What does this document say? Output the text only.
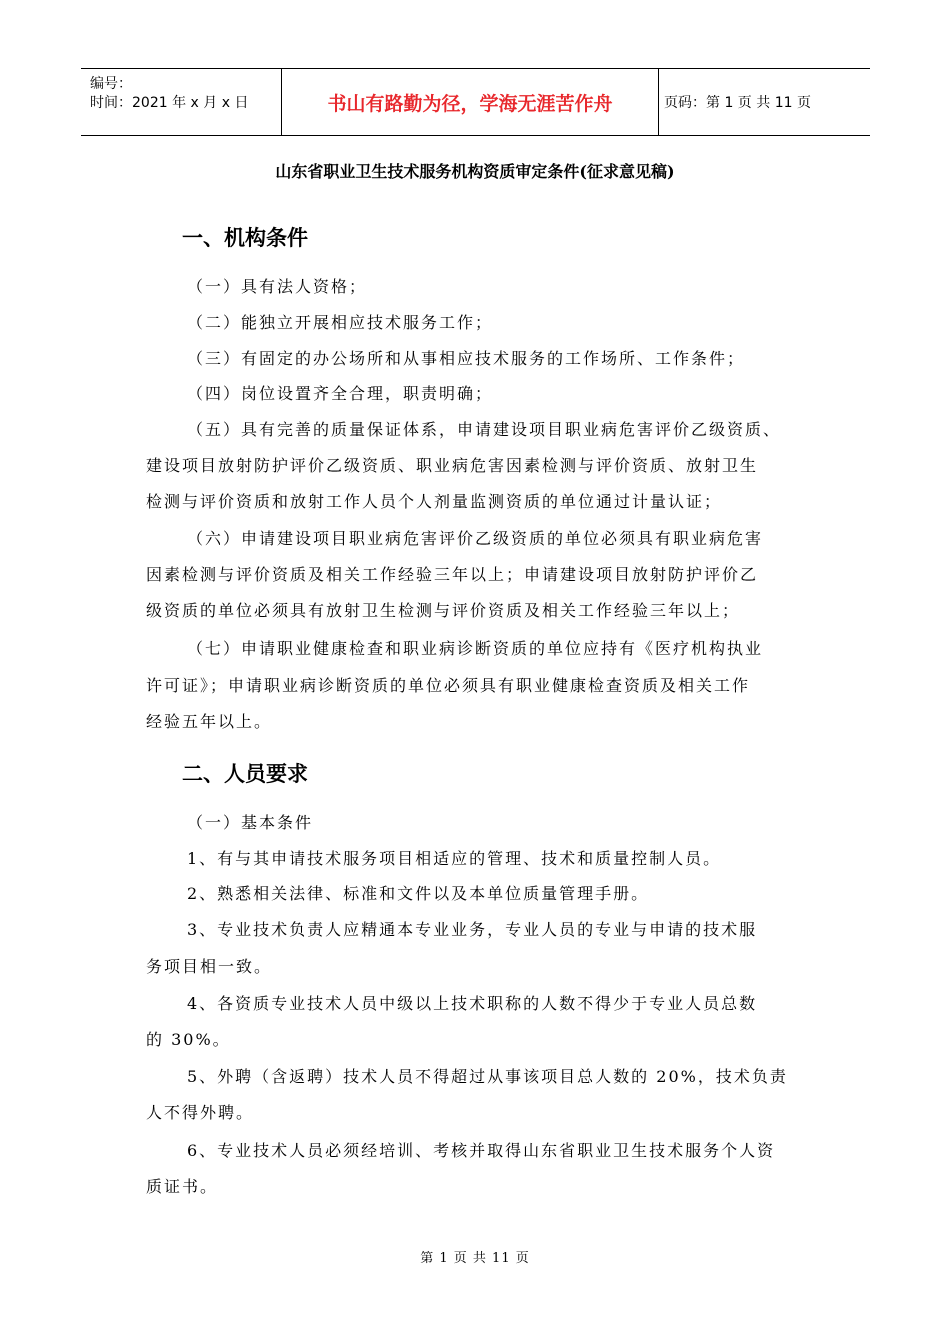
编号：
时间：2021 年 x 月 x 日	书山有路勤为径，学海无涯苦作舟	页码：第 1 页 共 11 页
山东省职业卫生技术服务机构资质审定条件(征求意见稿)
一、机构条件
（一）具有法人资格；
（二）能独立开展相应技术服务工作；
（三）有固定的办公场所和从事相应技术服务的工作场所、工作条件；
（四）岗位设置齐全合理，职责明确；
（五）具有完善的质量保证体系，申请建设项目职业病危害评价乙级资质、
建设项目放射防护评价乙级资质、职业病危害因素检测与评价资质、放射卫生
检测与评价资质和放射工作人员个人剂量监测资质的单位通过计量认证；
（六）申请建设项目职业病危害评价乙级资质的单位必须具有职业病危害
因素检测与评价资质及相关工作经验三年以上；申请建设项目放射防护评价乙
级资质的单位必须具有放射卫生检测与评价资质及相关工作经验三年以上；
（七）申请职业健康检查和职业病诊断资质的单位应持有《医疗机构执业
许可证》；申请职业病诊断资质的单位必须具有职业健康检查资质及相关工作
经验五年以上。
二、人员要求
（一）基本条件
1、有与其申请技术服务项目相适应的管理、技术和质量控制人员。
2、熟悉相关法律、标准和文件以及本单位质量管理手册。
3、专业技术负责人应精通本专业业务，专业人员的专业与申请的技术服
务项目相一致。
4、各资质专业技术人员中级以上技术职称的人数不得少于专业人员总数
的 30%。
5、外聘（含返聘）技术人员不得超过从事该项目总人数的 20%，技术负责
人不得外聘。
6、专业技术人员必须经培训、考核并取得山东省职业卫生技术服务个人资
质证书。
第 1 页 共 11 页
